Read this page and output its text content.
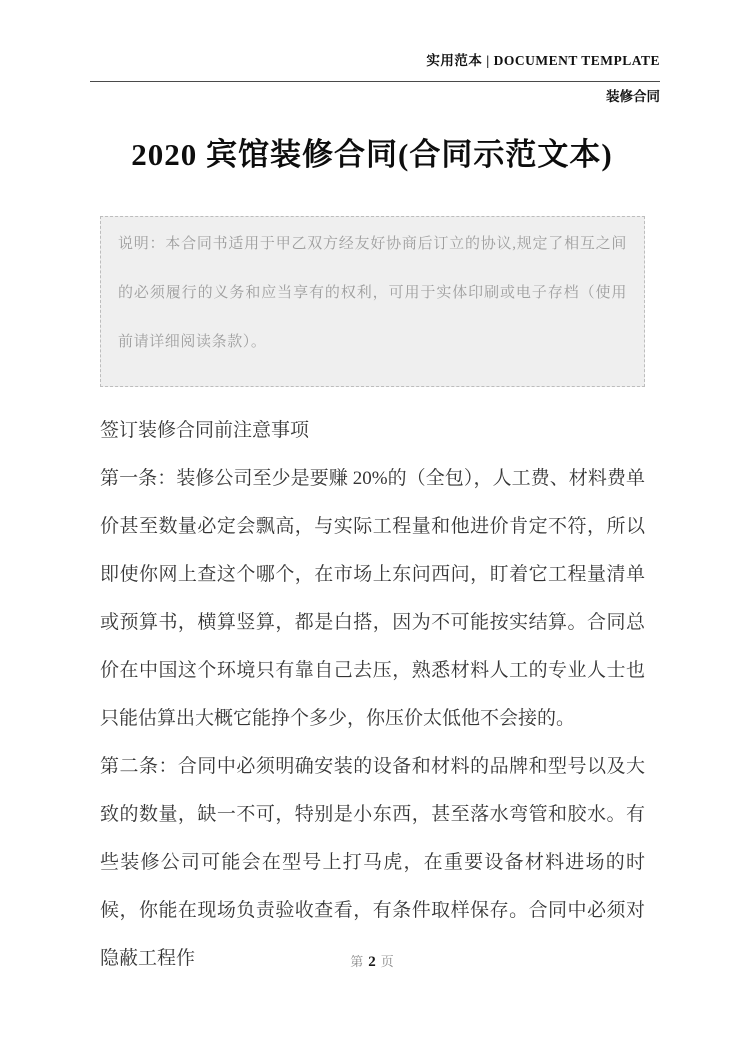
实用范本 | DOCUMENT TEMPLATE
装修合同
2020 宾馆装修合同(合同示范文本)
说明：本合同书适用于甲乙双方经友好协商后订立的协议,规定了相互之间的必须履行的义务和应当享有的权利，可用于实体印刷或电子存档（使用前请详细阅读条款）。

签订装修合同前注意事项

第一条：装修公司至少是要赚 20%的（全包），人工费、材料费单价甚至数量必定会飘高，与实际工程量和他进价肯定不符，所以即使你网上查这个哪个，在市场上东问西问，盯着它工程量清单或预算书，横算竖算，都是白搭，因为不可能按实结算。合同总价在中国这个环境只有靠自己去压，熟悉材料人工的专业人士也只能估算出大概它能挣个多少，你压价太低他不会接的。

第二条：合同中必须明确安装的设备和材料的品牌和型号以及大致的数量，缺一不可，特别是小东西，甚至落水弯管和胶水。有些装修公司可能会在型号上打马虎，在重要设备材料进场的时候，你能在现场负责验收查看，有条件取样保存。合同中必须对隐蔽工程作	第 2 页
